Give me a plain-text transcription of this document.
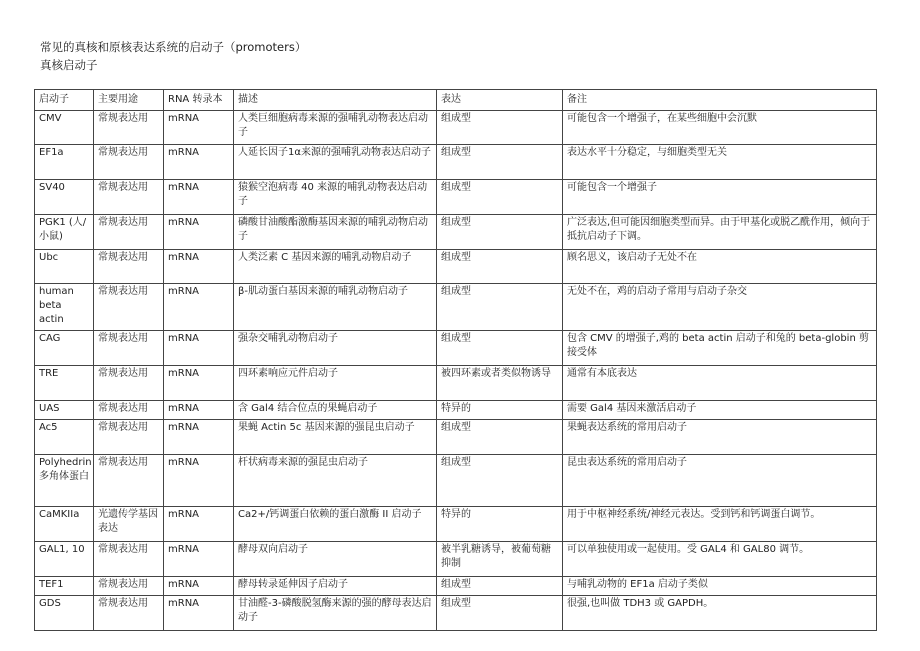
常见的真核和原核表达系统的启动子（promoters）
真核启动子
启动子	主要用途	RNA 转录本	描述	表达	备注
CMV	常规表达用	mRNA	人类巨细胞病毒来源的强哺乳动物表达启动子	组成型	可能包含一个增强子，在某些细胞中会沉默
EF1a	常规表达用	mRNA	人延长因子1α来源的强哺乳动物表达启动子	组成型	表达水平十分稳定，与细胞类型无关
SV40	常规表达用	mRNA	猿猴空泡病毒 40 来源的哺乳动物表达启动子	组成型	可能包含一个增强子
PGK1 (人/小鼠)	常规表达用	mRNA	磷酸甘油酸酯激酶基因来源的哺乳动物启动子	组成型	广泛表达,但可能因细胞类型而异。由于甲基化或脱乙酰作用，倾向于抵抗启动子下调。
Ubc	常规表达用	mRNA	人类泛素 C 基因来源的哺乳动物启动子	组成型	顾名思义，该启动子无处不在
human beta actin	常规表达用	mRNA	β-肌动蛋白基因来源的哺乳动物启动子	组成型	无处不在，鸡的启动子常用与启动子杂交
CAG	常规表达用	mRNA	强杂交哺乳动物启动子	组成型	包含 CMV 的增强子,鸡的 beta actin 启动子和兔的 beta-globin 剪接受体
TRE	常规表达用	mRNA	四环素响应元件启动子	被四环素或者类似物诱导	通常有本底表达
UAS	常规表达用	mRNA	含 Gal4 结合位点的果蝇启动子	特异的	需要 Gal4 基因来激活启动子
Ac5	常规表达用	mRNA	果蝇 Actin 5c 基因来源的强昆虫启动子	组成型	果蝇表达系统的常用启动子
Polyhedrin 多角体蛋白	常规表达用	mRNA	杆状病毒来源的强昆虫启动子	组成型	昆虫表达系统的常用启动子
CaMKIIa	光遗传学基因表达	mRNA	Ca2+/钙调蛋白依赖的蛋白激酶 II 启动子	特异的	用于中枢神经系统/神经元表达。受到钙和钙调蛋白调节。
GAL1, 10	常规表达用	mRNA	酵母双向启动子	被半乳糖诱导，被葡萄糖抑制	可以单独使用或一起使用。受 GAL4 和 GAL80 调节。
TEF1	常规表达用	mRNA	酵母转录延伸因子启动子	组成型	与哺乳动物的 EF1a 启动子类似
GDS	常规表达用	mRNA	甘油醛-3-磷酸脱氢酶来源的强的酵母表达启动子	组成型	很强,也叫做 TDH3 或 GAPDH。
